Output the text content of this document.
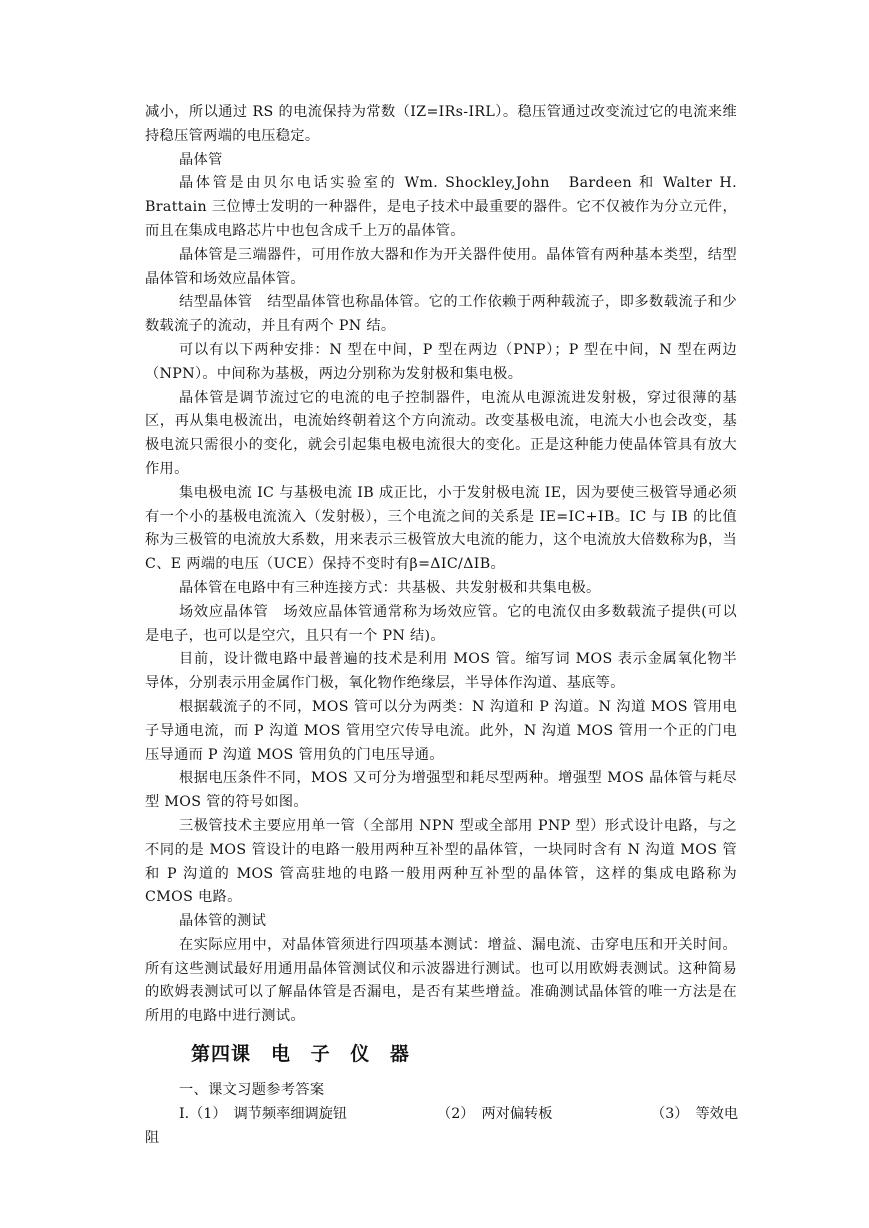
减小，所以通过 RS 的电流保持为常数（IZ=IRs-IRL）。稳压管通过改变流过它的电流来维持稳压管两端的电压稳定。

晶体管

晶体管是由贝尔电话实验室的 Wm. Shockley,John　Bardeen 和 Walter H. Brattain 三位博士发明的一种器件，是电子技术中最重要的器件。它不仅被作为分立元件，而且在集成电路芯片中也包含成千上万的晶体管。

晶体管是三端器件，可用作放大器和作为开关器件使用。晶体管有两种基本类型，结型晶体管和场效应晶体管。

结型晶体管　结型晶体管也称晶体管。它的工作依赖于两种载流子，即多数载流子和少数载流子的流动，并且有两个 PN 结。

可以有以下两种安排：N 型在中间，P 型在两边（PNP）；P 型在中间，N 型在两边（NPN）。中间称为基极，两边分别称为发射极和集电极。

晶体管是调节流过它的电流的电子控制器件，电流从电源流进发射极，穿过很薄的基区，再从集电极流出，电流始终朝着这个方向流动。改变基极电流，电流大小也会改变，基极电流只需很小的变化，就会引起集电极电流很大的变化。正是这种能力使晶体管具有放大作用。

集电极电流 IC 与基极电流 IB 成正比，小于发射极电流 IE，因为要使三极管导通必须有一个小的基极电流流入（发射极），三个电流之间的关系是 IE=IC+IB。IC 与 IB 的比值称为三极管的电流放大系数，用来表示三极管放大电流的能力，这个电流放大倍数称为β，当 C、E 两端的电压（UCE）保持不变时有β=ΔIC/ΔIB。

晶体管在电路中有三种连接方式：共基极、共发射极和共集电极。

场效应晶体管　场效应晶体管通常称为场效应管。它的电流仅由多数载流子提供(可以是电子，也可以是空穴，且只有一个 PN 结)。

目前，设计微电路中最普遍的技术是利用 MOS 管。缩写词 MOS 表示金属氧化物半导体，分别表示用金属作门极，氧化物作绝缘层，半导体作沟道、基底等。

根据载流子的不同，MOS 管可以分为两类：N 沟道和 P 沟道。N 沟道 MOS 管用电子导通电流，而 P 沟道 MOS 管用空穴传导电流。此外，N 沟道 MOS 管用一个正的门电压导通而 P 沟道 MOS 管用负的门电压导通。

根据电压条件不同，MOS 又可分为增强型和耗尽型两种。增强型 MOS 晶体管与耗尽型 MOS 管的符号如图。

三极管技术主要应用单一管（全部用 NPN 型或全部用 PNP 型）形式设计电路，与之不同的是 MOS 管设计的电路一般用两种互补型的晶体管，一块同时含有 N 沟道 MOS 管和 P 沟道的 MOS 管高驻地的电路一般用两种互补型的晶体管，这样的集成电路称为 CMOS 电路。

晶体管的测试

在实际应用中，对晶体管须进行四项基本测试：增益、漏电流、击穿电压和开关时间。所有这些测试最好用通用晶体管测试仪和示波器进行测试。也可以用欧姆表测试。这种简易的欧姆表测试可以了解晶体管是否漏电，是否有某些增益。准确测试晶体管的唯一方法是在所用的电路中进行测试。

第四课　电 子 仪 器

一、课文习题参考答案

Ⅰ.（1）　调节频率细调旋钮	（2）　两对偏转板	（3）　等效电

阻
